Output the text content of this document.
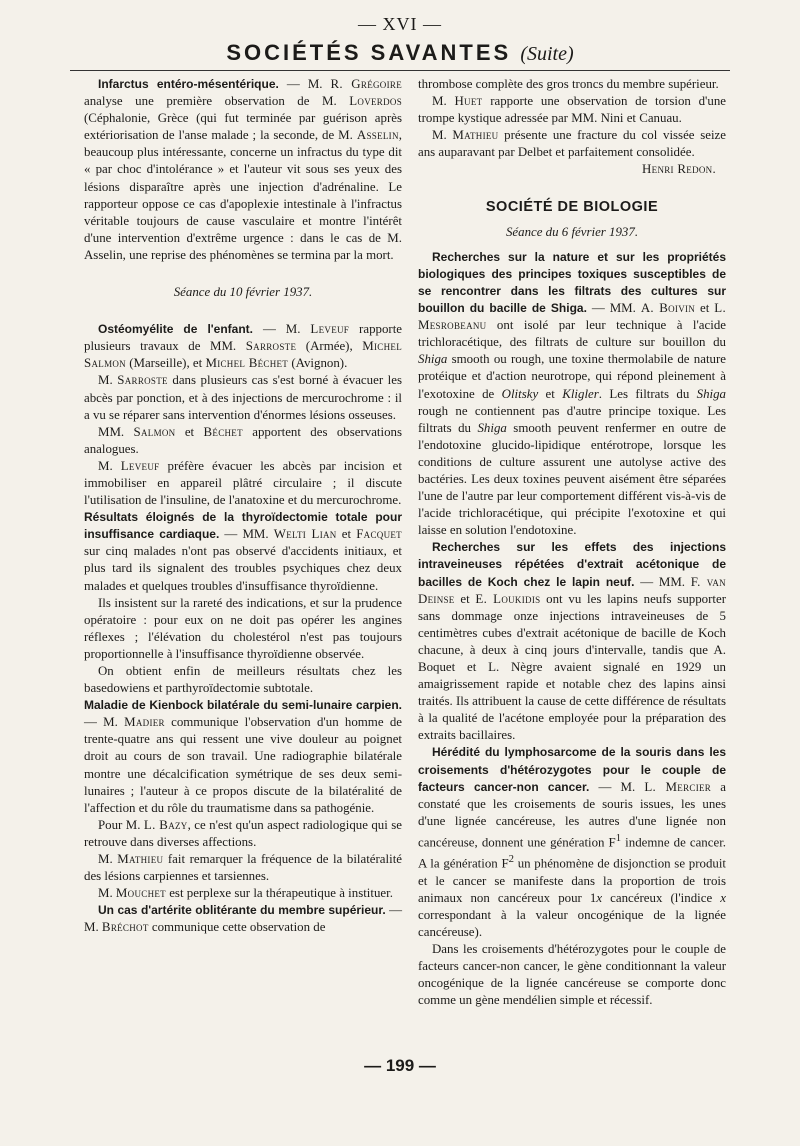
— XVI —
SOCIÉTÉS SAVANTES (Suite)

Infarctus entéro-mésentérique. — M. R. Grégoire analyse une première observation de M. Loverdos (Céphalonie, Grèce (qui fut terminée par guérison après extériorisation de l'anse malade ; la seconde, de M. Asselin, beaucoup plus intéressante, concerne un infractus du type dit « par choc d'intolérance » et l'auteur vit sous ses yeux des lésions disparaître après une injection d'adrénaline. Le rapporteur oppose ce cas d'apoplexie intestinale à l'infractus véritable toujours de cause vasculaire et montre l'intérêt d'une intervention d'extrême urgence : dans le cas de M. Asselin, une reprise des phénomènes se termina par la mort.

Séance du 10 février 1937.

Ostéomyélite de l'enfant. — M. Leveuf rapporte plusieurs travaux de MM. Sarroste (Armée), Michel Salmon (Marseille), et Michel Béchet (Avignon).

M. Sarroste dans plusieurs cas s'est borné à évacuer les abcès par ponction, et à des injections de mercurochrome : il a vu se réparer sans intervention d'énormes lésions osseuses.

MM. Salmon et Béchet apportent des observations analogues.

M. Leveuf préfère évacuer les abcès par incision et immobiliser en appareil plâtré circulaire ; il discute l'utilisation de l'insuline, de l'anatoxine et du mercurochrome.

Résultats éloignés de la thyroïdectomie totale pour insuffisance cardiaque. — MM. Welti Lian et Facquet sur cinq malades n'ont pas observé d'accidents initiaux, et plus tard ils signalent des troubles psychiques chez deux malades et quelques troubles d'insuffisance thyroïdienne.

Ils insistent sur la rareté des indications, et sur la prudence opératoire : pour eux on ne doit pas opérer les angines réflexes ; l'élévation du cholestérol n'est pas toujours proportionnelle à l'insuffisance thyroïdienne observée.

On obtient enfin de meilleurs résultats chez les basedowiens et parthyroïdectomie subtotale.

Maladie de Kienbock bilatérale du semi-lunaire carpien. — M. Madier communique l'observation d'un homme de trente-quatre ans qui ressent une vive douleur au poignet droit au cours de son travail. Une radiographie bilatérale montre une décalcification symétrique de ses deux semi-lunaires ; l'auteur à ce propos discute de la bilatéralité de l'affection et du rôle du traumatisme dans sa pathogénie.

Pour M. L. Bazy, ce n'est qu'un aspect radiologique qui se retrouve dans diverses affections.

M. Mathieu fait remarquer la fréquence de la bilatéralité des lésions carpiennes et tarsiennes.

M. Mouchet est perplexe sur la thérapeutique à instituer.

Un cas d'artérite oblitérante du membre supérieur. — M. Bréchot communique cette observation de

thrombose complète des gros troncs du membre supérieur.

M. Huet rapporte une observation de torsion d'une trompe kystique adressée par MM. Nini et Canuau.

M. Mathieu présente une fracture du col vissée seize ans auparavant par Delbet et parfaitement consolidée.

Henri Redon.

SOCIÉTÉ DE BIOLOGIE

Séance du 6 février 1937.

Recherches sur la nature et sur les propriétés biologiques des principes toxiques susceptibles de se rencontrer dans les filtrats des cultures sur bouillon du bacille de Shiga. — MM. A. Boivin et L. Mesrobeanu ont isolé par leur technique à l'acide trichloracétique, des filtrats de culture sur bouillon du Shiga smooth ou rough, une toxine thermolabile de nature protéique et d'action neurotrope, qui répond pleinement à l'exotoxine de Olitsky et Kligler. Les filtrats du Shiga rough ne contiennent pas d'autre principe toxique. Les filtrats du Shiga smooth peuvent renfermer en outre de l'endotoxine glucido-lipidique entérotrope, lorsque les conditions de culture assurent une autolyse active des bactéries. Les deux toxines peuvent aisément être séparées l'une de l'autre par leur comportement différent vis-à-vis de l'acide trichloracétique, qui précipite l'exotoxine et qui laisse en solution l'endotoxine.

Recherches sur les effets des injections intraveineuses répétées d'extrait acétonique de bacilles de Koch chez le lapin neuf. — MM. F. van Deinse et E. Loukidis ont vu les lapins neufs supporter sans dommage onze injections intraveineuses de 5 centimètres cubes d'extrait acétonique de bacille de Koch chacune, à deux à cinq jours d'intervalle, tandis que A. Boquet et L. Nègre avaient signalé en 1929 un amaigrissement rapide et notable chez des lapins ainsi traités. Ils attribuent la cause de cette différence de résultats à la qualité de l'acétone employée pour la préparation des extraits bacillaires.

Hérédité du lymphosarcome de la souris dans les croisements d'hétérozygotes pour le couple de facteurs cancer-non cancer. — M. L. Mercier a constaté que les croisements de souris issues, les unes d'une lignée cancéreuse, les autres d'une lignée non cancéreuse, donnent une génération $F^1$ indemne de cancer. A la génération $F^2$ un phénomène de disjonction se produit et le cancer se manifeste dans la proportion de trois animaux non cancéreux pour 1x cancéreux (l'indice x correspondant à la valeur oncogénique de la lignée cancéreuse).

Dans les croisements d'hétérozygotes pour le couple de facteurs cancer-non cancer, le gène conditionnant la valeur oncogénique de la lignée cancéreuse se comporte donc comme un gène mendélien simple et récessif.

— 199 —
